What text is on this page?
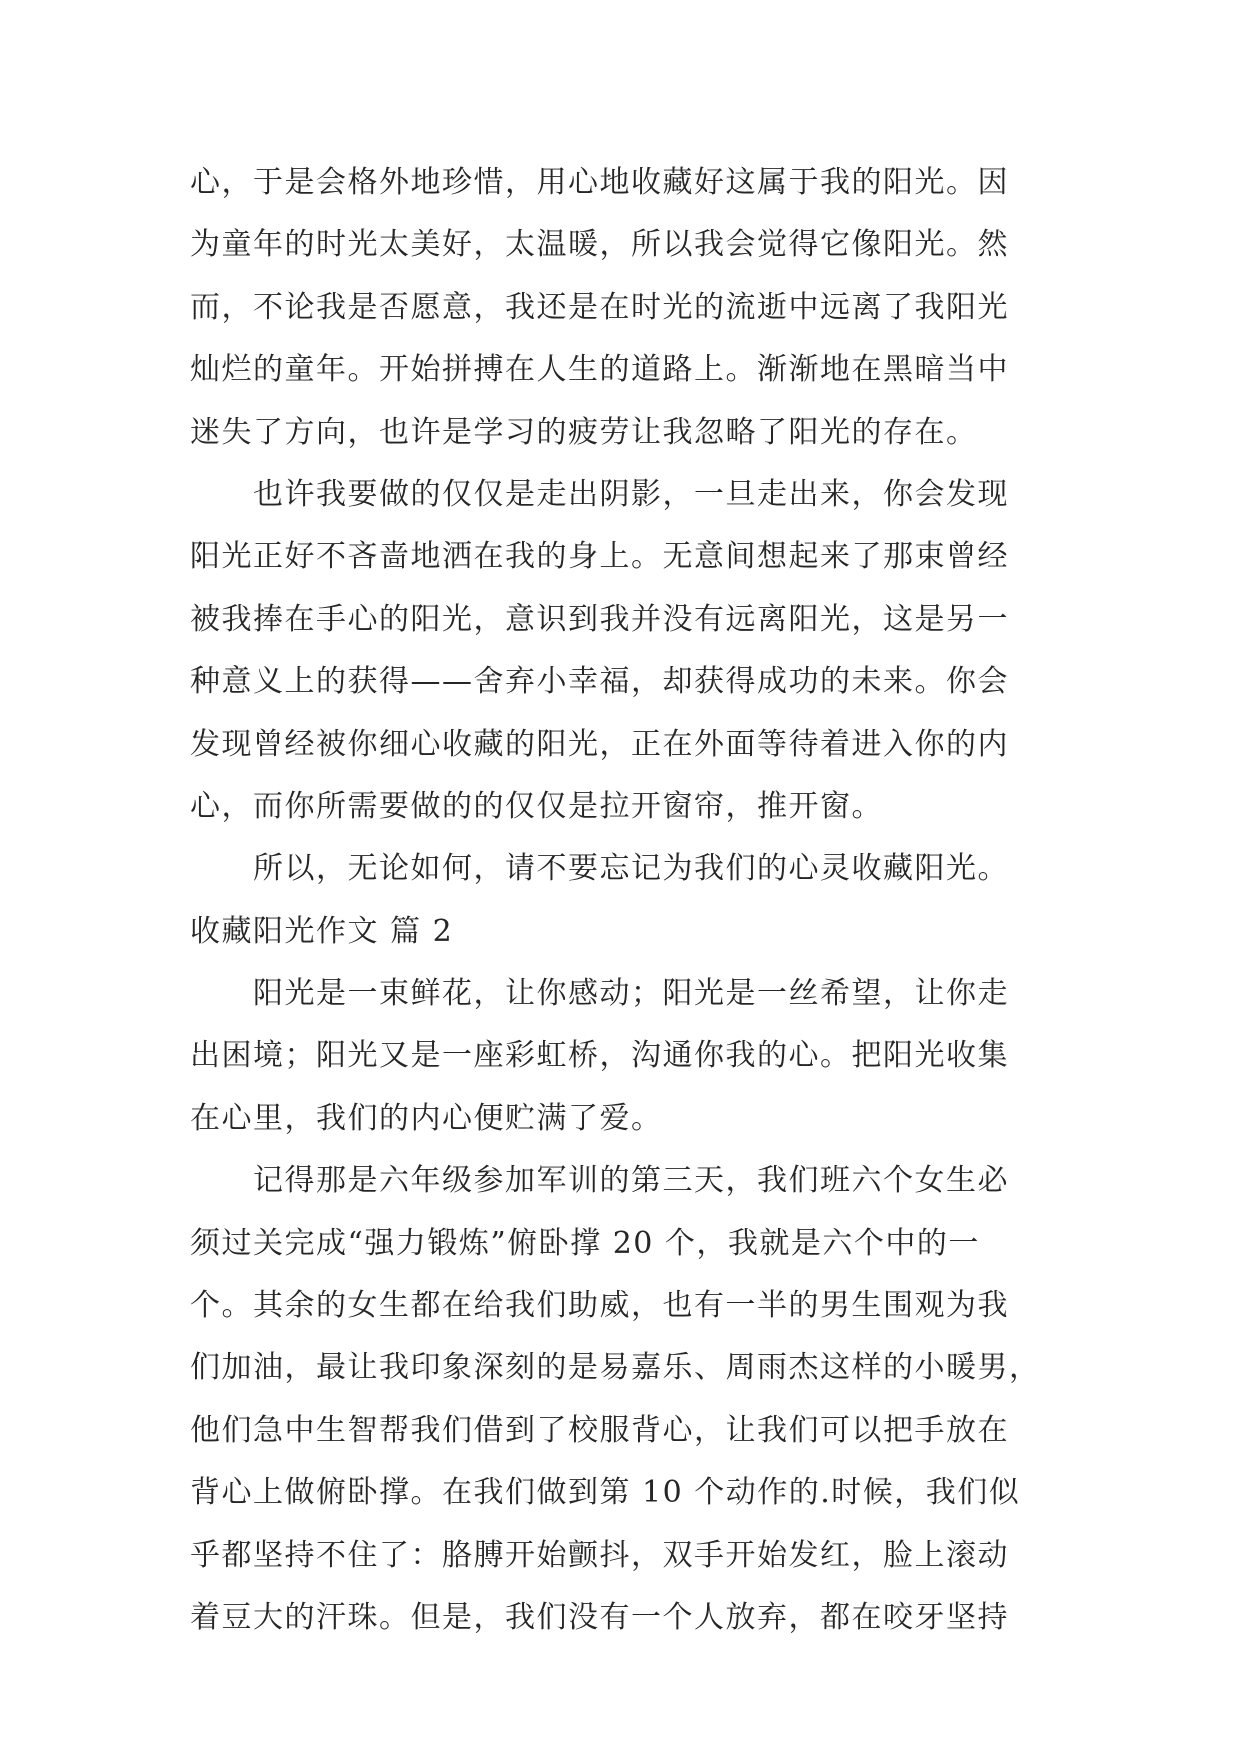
心，于是会格外地珍惜，用心地收藏好这属于我的阳光。因
为童年的时光太美好，太温暖，所以我会觉得它像阳光。然
而，不论我是否愿意，我还是在时光的流逝中远离了我阳光
灿烂的童年。开始拼搏在人生的道路上。渐渐地在黑暗当中
迷失了方向，也许是学习的疲劳让我忽略了阳光的存在。
也许我要做的仅仅是走出阴影，一旦走出来，你会发现
阳光正好不吝啬地洒在我的身上。无意间想起来了那束曾经
被我捧在手心的阳光，意识到我并没有远离阳光，这是另一
种意义上的获得——舍弃小幸福，却获得成功的未来。你会
发现曾经被你细心收藏的阳光，正在外面等待着进入你的内
心，而你所需要做的的仅仅是拉开窗帘，推开窗。
所以，无论如何，请不要忘记为我们的心灵收藏阳光。
收藏阳光作文 篇 2
阳光是一束鲜花，让你感动；阳光是一丝希望，让你走
出困境；阳光又是一座彩虹桥，沟通你我的心。把阳光收集
在心里，我们的内心便贮满了爱。
记得那是六年级参加军训的第三天，我们班六个女生必
须过关完成“强力锻炼”俯卧撑 20 个，我就是六个中的一
个。其余的女生都在给我们助威，也有一半的男生围观为我
们加油，最让我印象深刻的是易嘉乐、周雨杰这样的小暖男，
他们急中生智帮我们借到了校服背心，让我们可以把手放在
背心上做俯卧撑。在我们做到第 10 个动作的.时候，我们似
乎都坚持不住了：胳膊开始颤抖，双手开始发红，脸上滚动
着豆大的汗珠。但是，我们没有一个人放弃，都在咬牙坚持
